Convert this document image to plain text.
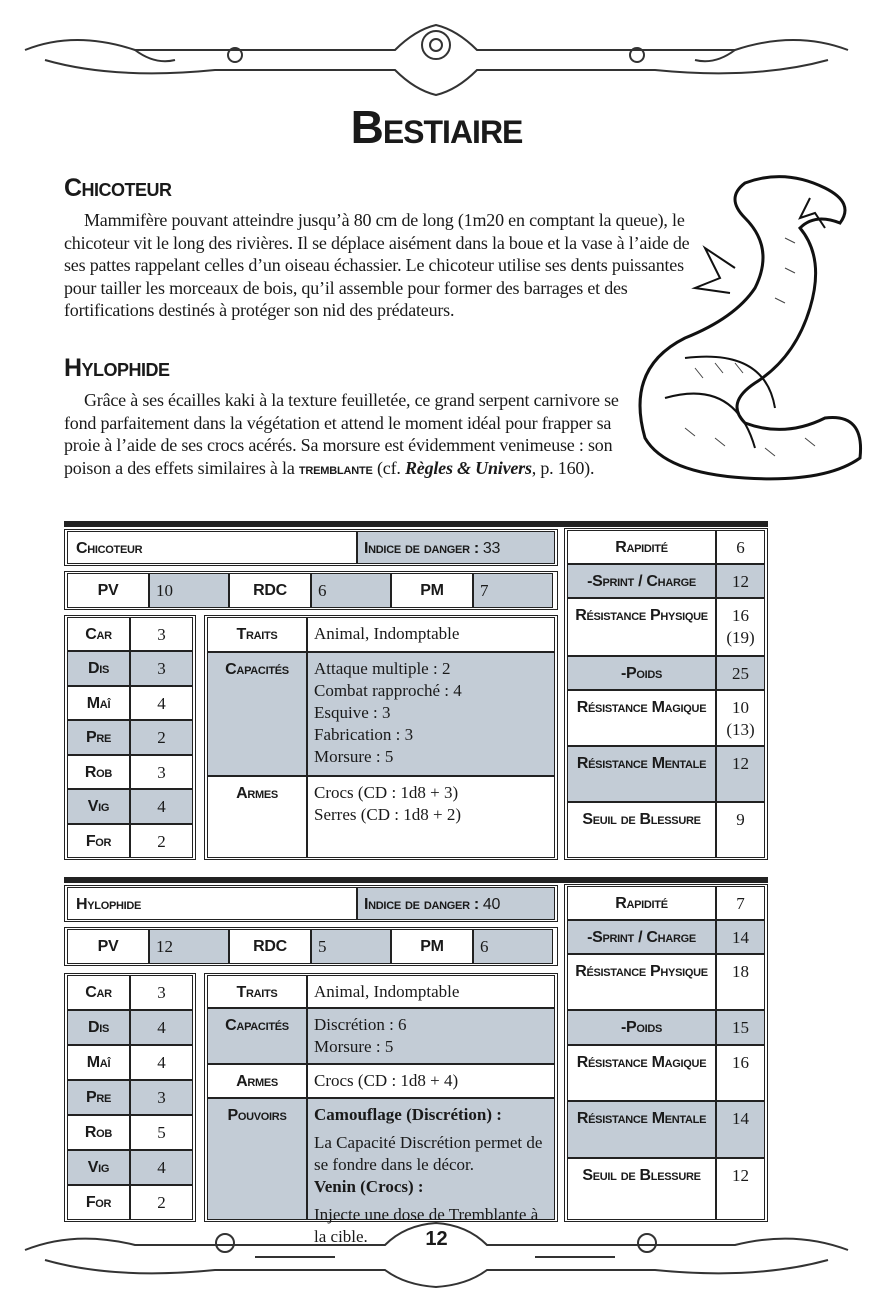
Bestiaire
Chicoteur
Mammifère pouvant atteindre jusqu’à 80 cm de long (1m20 en comptant la queue), le chicoteur vit le long des rivières. Il se déplace aisément dans la boue et la vase à l’aide de ses pattes rappelant celles d’un oiseau échassier. Le chicoteur utilise ses dents puissantes pour tailler les morceaux de bois, qu’il assemble pour former des barrages et des fortifications destinés à protéger son nid des prédateurs.
Hylophide
Grâce à ses écailles kaki à la texture feuilletée, ce grand serpent carnivore se fond parfaitement dans la végétation et attend le moment idéal pour frapper sa proie à l’aide de ses crocs acérés. Sa morsure est évidemment venimeuse : son poison a des effets similaires à la tremblante (cf. Règles & Univers, p. 160).
12
Chicoteur	Indice de danger : 33
PV 10	RDC 6	PM 7
Car	3
Dis	3
Maî	4
Pre	2
Rob	3
Vig	4
For	2
Traits Animal, Indomptable
Capacités Attaque multiple : 2
Combat rapproché : 4
Esquive : 3
Fabrication : 3
Morsure : 5
Armes Crocs (CD : 1d8 + 3)
Serres (CD : 1d8 + 2)
Rapidité	6
-Sprint / Charge 12
Résistance Physique	16 (19)
-Poids	25
Résistance Magique	10 (13)
Résistance Mentale 12
Seuil de Blessure 9
Hylophide	Indice de danger : 40
PV 12	RDC 5	PM 6
Car	3
Dis	4
Maî	4
Pre	3
Rob	5
Vig	4
For	2
Traits Animal, Indomptable
Capacités Discrétion : 6
Morsure : 5
Armes Crocs (CD : 1d8 + 4)
Pouvoirs Camouflage (Discrétion) :
La Capacité Discrétion permet de se fondre dans le décor.
Venin (Crocs) :
Injecte une dose de Tremblante à la cible.
Rapidité	7
-Sprint / Charge 14
Résistance Physique 18
-Poids	15
Résistance Magique 16
Résistance Mentale 14
Seuil de Blessure 12
